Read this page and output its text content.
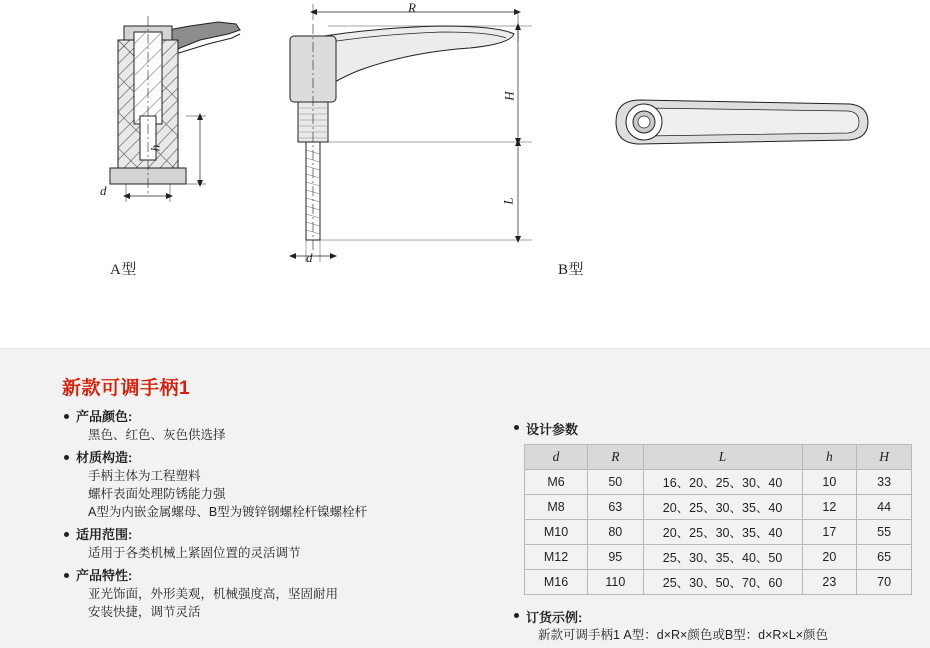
h
d
A型
R
H
L
d
B型
新款可调手柄1
产品颜色:
黑色、红色、灰色供选择
材质构造:
手柄主体为工程塑料
螺杆表面处理防锈能力强
A型为内嵌金属螺母、B型为镀锌钢螺栓杆镍螺栓杆
适用范围:
适用于各类机械上紧固位置的灵活调节
产品特性:
亚光饰面，外形美观，机械强度高，坚固耐用
安装快捷，调节灵活
设计参数
d	R	L	h	H
M6	50	16、20、25、30、40	10	33
M8	63	20、25、30、35、40	12	44
M10	80	20、25、30、35、40	17	55
M12	95	25、30、35、40、50	20	65
M16	110	25、30、50、70、60	23	70
订货示例:
新款可调手柄1 A型：d×R×颜色或B型：d×R×L×颜色
